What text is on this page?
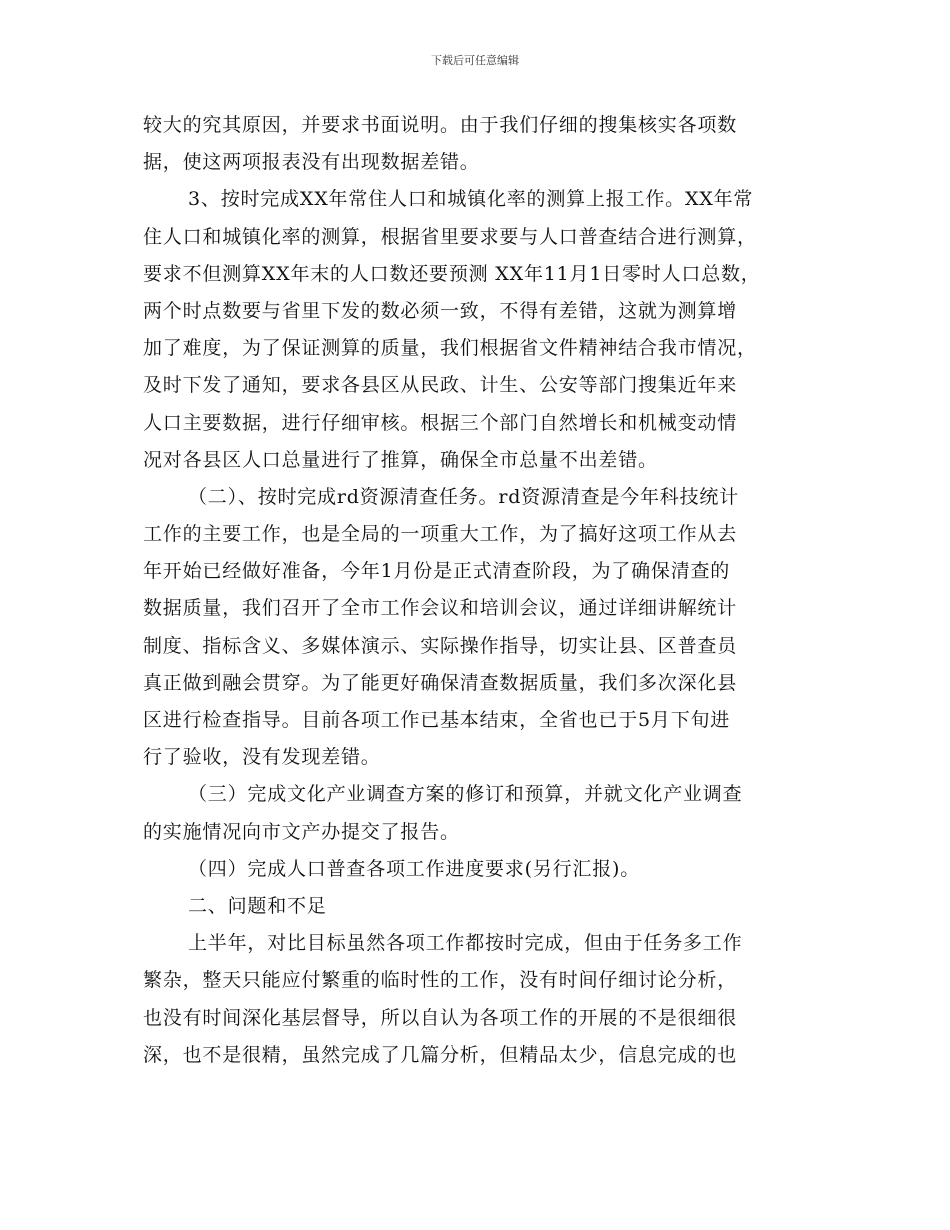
下载后可任意编辑
较大的究其原因，并要求书面说明。由于我们仔细的搜集核实各项数
据，使这两项报表没有出现数据差错。
3、按时完成XX年常住人口和城镇化率的测算上报工作。XX年常
住人口和城镇化率的测算，根据省里要求要与人口普查结合进行测算，
要求不但测算XX年末的人口数还要预测 XX年11月1日零时人口总数，
两个时点数要与省里下发的数必须一致，不得有差错，这就为测算增
加了难度，为了保证测算的质量，我们根据省文件精神结合我市情况，
及时下发了通知，要求各县区从民政、计生、公安等部门搜集近年来
人口主要数据，进行仔细审核。根据三个部门自然增长和机械变动情
况对各县区人口总量进行了推算，确保全市总量不出差错。
（二）、按时完成rd资源清查任务。rd资源清查是今年科技统计
工作的主要工作，也是全局的一项重大工作，为了搞好这项工作从去
年开始已经做好准备，今年1月份是正式清查阶段，为了确保清查的
数据质量，我们召开了全市工作会议和培训会议，通过详细讲解统计
制度、指标含义、多媒体演示、实际操作指导，切实让县、区普查员
真正做到融会贯穿。为了能更好确保清查数据质量，我们多次深化县
区进行检查指导。目前各项工作已基本结束，全省也已于5月下旬进
行了验收，没有发现差错。
（三）完成文化产业调查方案的修订和预算，并就文化产业调查
的实施情况向市文产办提交了报告。
（四）完成人口普查各项工作进度要求(另行汇报)。
二、问题和不足
上半年，对比目标虽然各项工作都按时完成，但由于任务多工作
繁杂，整天只能应付繁重的临时性的工作，没有时间仔细讨论分析，
也没有时间深化基层督导，所以自认为各项工作的开展的不是很细很
深，也不是很精，虽然完成了几篇分析，但精品太少，信息完成的也
